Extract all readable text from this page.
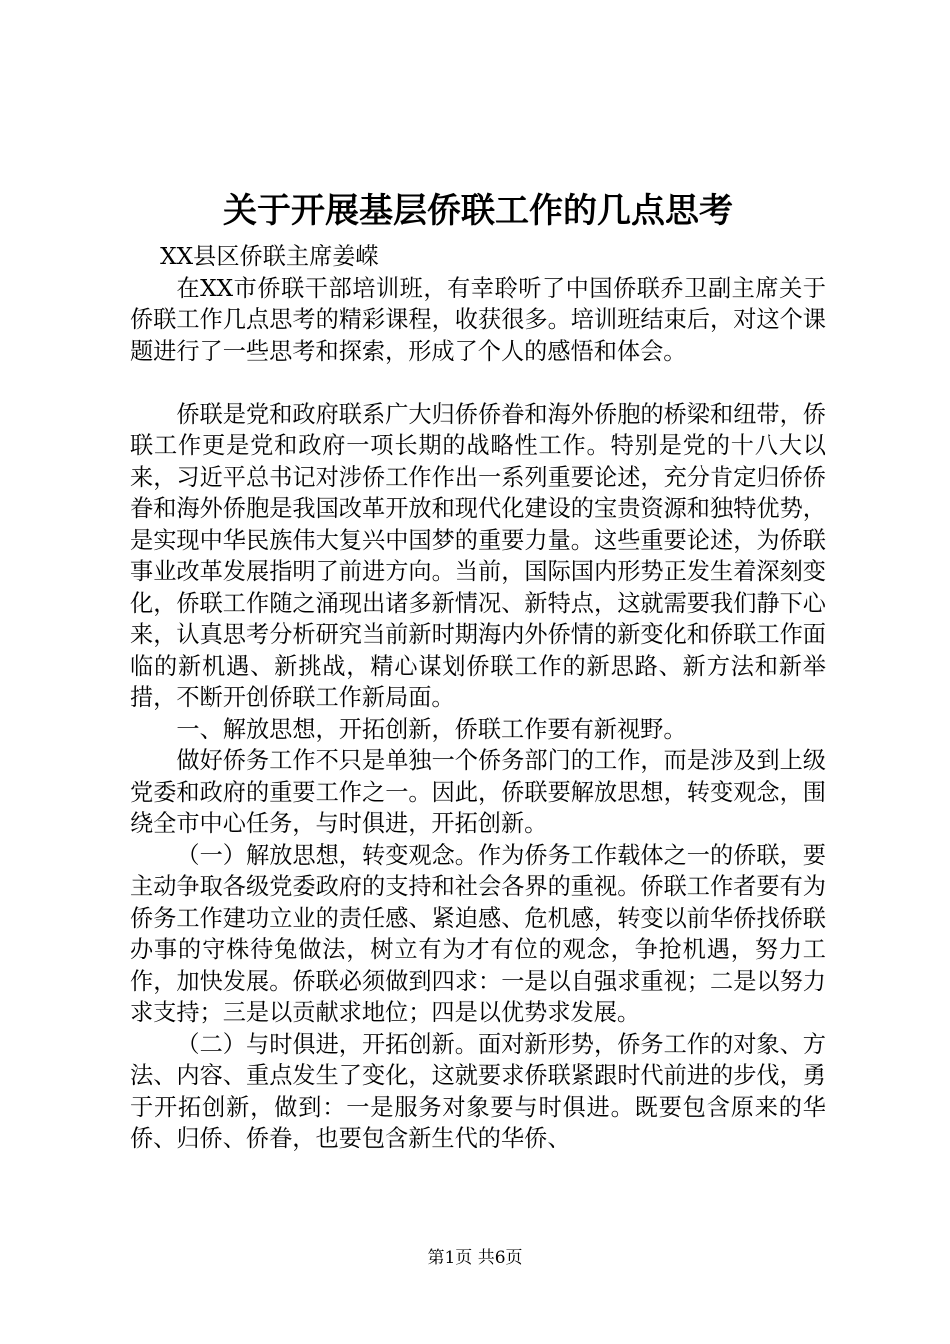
关于开展基层侨联工作的几点思考

XX县区侨联主席姜嵘

在XX市侨联干部培训班，有幸聆听了中国侨联乔卫副主席关于侨联工作几点思考的精彩课程，收获很多。培训班结束后，对这个课题进行了一些思考和探索，形成了个人的感悟和体会。

侨联是党和政府联系广大归侨侨眷和海外侨胞的桥梁和纽带，侨联工作更是党和政府一项长期的战略性工作。特别是党的十八大以来，习近平总书记对涉侨工作作出一系列重要论述，充分肯定归侨侨眷和海外侨胞是我国改革开放和现代化建设的宝贵资源和独特优势，是实现中华民族伟大复兴中国梦的重要力量。这些重要论述，为侨联事业改革发展指明了前进方向。当前，国际国内形势正发生着深刻变化，侨联工作随之涌现出诸多新情况、新特点，这就需要我们静下心来，认真思考分析研究当前新时期海内外侨情的新变化和侨联工作面临的新机遇、新挑战，精心谋划侨联工作的新思路、新方法和新举措，不断开创侨联工作新局面。

一、解放思想，开拓创新，侨联工作要有新视野。

做好侨务工作不只是单独一个侨务部门的工作，而是涉及到上级党委和政府的重要工作之一。因此，侨联要解放思想，转变观念，围绕全市中心任务，与时俱进，开拓创新。

（一）解放思想，转变观念。作为侨务工作载体之一的侨联，要主动争取各级党委政府的支持和社会各界的重视。侨联工作者要有为侨务工作建功立业的责任感、紧迫感、危机感，转变以前华侨找侨联办事的守株待兔做法，树立有为才有位的观念，争抢机遇，努力工作，加快发展。侨联必须做到四求：一是以自强求重视；二是以努力求支持；三是以贡献求地位；四是以优势求发展。

（二）与时俱进，开拓创新。面对新形势，侨务工作的对象、方法、内容、重点发生了变化，这就要求侨联紧跟时代前进的步伐，勇于开拓创新，做到：一是服务对象要与时俱进。既要包含原来的华侨、归侨、侨眷，也要包含新生代的华侨、

第1页 共6页
